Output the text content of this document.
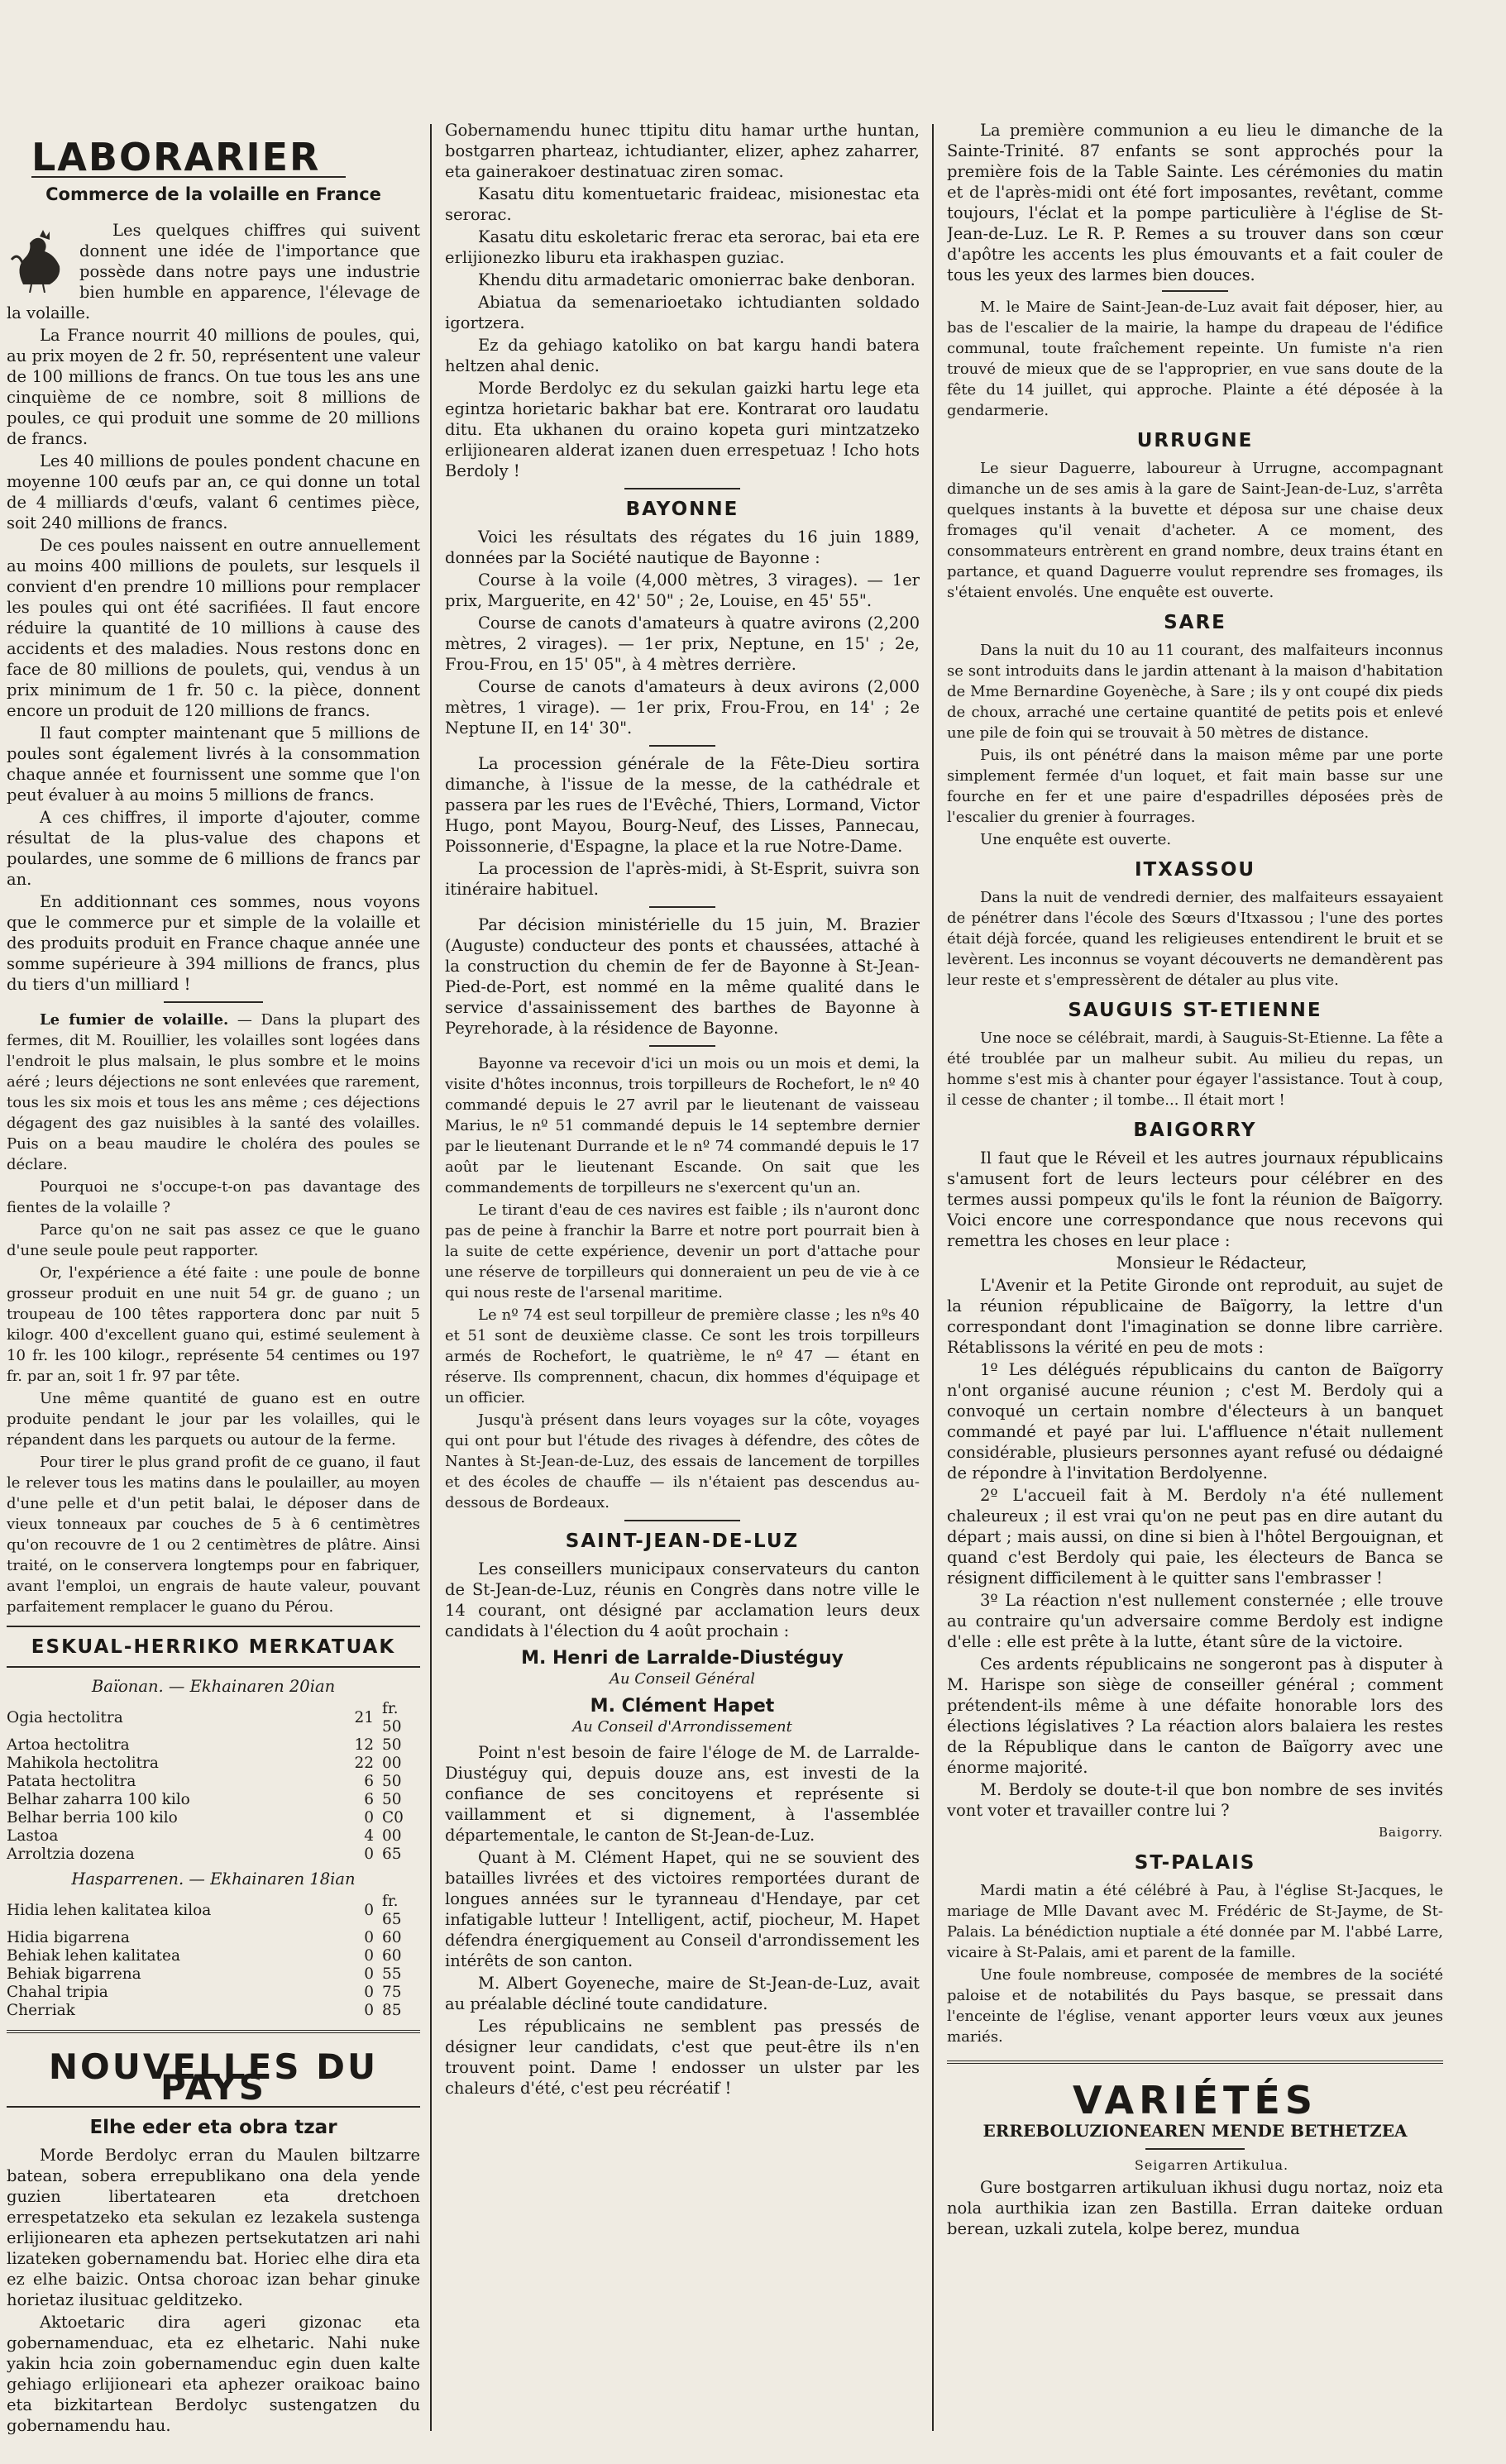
LABORARIER
Commerce de la volaille en France

Les quelques chiffres qui suivent donnent une idée de l'importance que possède dans notre pays une industrie bien humble en apparence, l'élevage de la volaille.

La France nourrit 40 millions de poules, qui, au prix moyen de 2 fr. 50, représentent une valeur de 100 millions de francs. On tue tous les ans une cinquième de ce nombre, soit 8 millions de poules, ce qui produit une somme de 20 millions de francs.

Les 40 millions de poules pondent chacune en moyenne 100 œufs par an, ce qui donne un total de 4 milliards d'œufs, valant 6 centimes pièce, soit 240 millions de francs.

De ces poules naissent en outre annuellement au moins 400 millions de poulets, sur lesquels il convient d'en prendre 10 millions pour remplacer les poules qui ont été sacrifiées. Il faut encore réduire la quantité de 10 millions à cause des accidents et des maladies. Nous restons donc en face de 80 millions de poulets, qui, vendus à un prix minimum de 1 fr. 50 c. la pièce, donnent encore un produit de 120 millions de francs.

Il faut compter maintenant que 5 millions de poules sont également livrés à la consommation chaque année et fournissent une somme que l'on peut évaluer à au moins 5 millions de francs.

A ces chiffres, il importe d'ajouter, comme résultat de la plus-value des chapons et poulardes, une somme de 6 millions de francs par an.

En additionnant ces sommes, nous voyons que le commerce pur et simple de la volaille et des produits produit en France chaque année une somme supérieure à 394 millions de francs, plus du tiers d'un milliard !

Le fumier de volaille. — Dans la plupart des fermes, dit M. Rouillier, les volailles sont logées dans l'endroit le plus malsain, le plus sombre et le moins aéré ; leurs déjections ne sont enlevées que rarement, tous les six mois et tous les ans même ; ces déjections dégagent des gaz nuisibles à la santé des volailles. Puis on a beau maudire le choléra des poules se déclare.

Pourquoi ne s'occupe-t-on pas davantage des fientes de la volaille ?

Parce qu'on ne sait pas assez ce que le guano d'une seule poule peut rapporter.

Or, l'expérience a été faite : une poule de bonne grosseur produit en une nuit 54 gr. de guano ; un troupeau de 100 têtes rapportera donc par nuit 5 kilogr. 400 d'excellent guano qui, estimé seulement à 10 fr. les 100 kilogr., représente 54 centimes ou 197 fr. par an, soit 1 fr. 97 par tête.

Une même quantité de guano est en outre produite pendant le jour par les volailles, qui le répandent dans les parquets ou autour de la ferme.

Pour tirer le plus grand profit de ce guano, il faut le relever tous les matins dans le poulailler, au moyen d'une pelle et d'un petit balai, le déposer dans de vieux tonneaux par couches de 5 à 6 centimètres qu'on recouvre de 1 ou 2 centimètres de plâtre. Ainsi traité, on le conservera longtemps pour en fabriquer, avant l'emploi, un engrais de haute valeur, pouvant parfaitement remplacer le guano du Pérou.

ESKUAL-HERRIKO MERKATUAK
Baïonan. — Ekhainaren 20ian
Ogia hectolitra	21	fr. 50
Artoa hectolitra	12	50
Mahikola hectolitra	22	00
Patata hectolitra	6	50
Belhar zaharra 100 kilo	6	50
Belhar berria 100 kilo	0	C0
Lastoa	4	00
Arroltzia dozena	0	65
Hasparrenen. — Ekhainaren 18ian
Hidia lehen kalitatea kiloa	0	fr. 65
Hidia bigarrena	0	60
Behiak lehen kalitatea	0	60
Behiak bigarrena	0	55
Chahal tripia	0	75
Cherriak	0	85
NOUVELLES DU PAYS
Elhe eder eta obra tzar

Morde Berdolyc erran du Maulen biltzarre batean, sobera errepublikano ona dela yende guzien libertatearen eta dretchoen errespetatzeko eta sekulan ez lezakela sustenga erlijionearen eta aphezen pertsekutatzen ari nahi lizateken gobernamendu bat. Horiec elhe dira eta ez elhe baizic. Ontsa choroac izan behar ginuke horietaz ilusituac gelditzeko.

Aktoetaric dira ageri gizonac eta gobernamenduac, eta ez elhetaric. Nahi nuke yakin hcia zoin gobernamenduc egin duen kalte gehiago erlijioneari eta aphezer oraikoac baino eta bizkitartean Berdolyc sustengatzen du gobernamendu hau.

Gobernamendu hunec ttipitu ditu hamar urthe huntan, bostgarren pharteaz, ichtudianter, elizer, aphez zaharrer, eta gainerakoer destinatuac ziren somac.

Kasatu ditu komentuetaric fraideac, misionestac eta serorac.

Kasatu ditu eskoletaric frerac eta serorac, bai eta ere erlijionezko liburu eta irakhaspen guziac.

Khendu ditu armadetaric omonierrac bake denboran.

Abiatua da semenarioetako ichtudianten soldado igortzera.

Ez da gehiago katoliko on bat kargu handi batera heltzen ahal denic.

Morde Berdolyc ez du sekulan gaizki hartu lege eta egintza horietaric bakhar bat ere. Kontrarat oro laudatu ditu. Eta ukhanen du oraino kopeta guri mintzatzeko erlijionearen alderat izanen duen errespetuaz ! Icho hots Berdoly !

BAYONNE

Voici les résultats des régates du 16 juin 1889, données par la Société nautique de Bayonne :

Course à la voile (4,000 mètres, 3 virages). — 1er prix, Marguerite, en 42' 50" ; 2e, Louise, en 45' 55".

Course de canots d'amateurs à quatre avirons (2,200 mètres, 2 virages). — 1er prix, Neptune, en 15' ; 2e, Frou-Frou, en 15' 05", à 4 mètres derrière.

Course de canots d'amateurs à deux avirons (2,000 mètres, 1 virage). — 1er prix, Frou-Frou, en 14' ; 2e Neptune II, en 14' 30".

La procession générale de la Fête-Dieu sortira dimanche, à l'issue de la messe, de la cathédrale et passera par les rues de l'Evêché, Thiers, Lormand, Victor Hugo, pont Mayou, Bourg-Neuf, des Lisses, Pannecau, Poissonnerie, d'Espagne, la place et la rue Notre-Dame.

La procession de l'après-midi, à St-Esprit, suivra son itinéraire habituel.

Par décision ministérielle du 15 juin, M. Brazier (Auguste) conducteur des ponts et chaussées, attaché à la construction du chemin de fer de Bayonne à St-Jean-Pied-de-Port, est nommé en la même qualité dans le service d'assainissement des barthes de Bayonne à Peyrehorade, à la résidence de Bayonne.

Bayonne va recevoir d'ici un mois ou un mois et demi, la visite d'hôtes inconnus, trois torpilleurs de Rochefort, le nº 40 commandé depuis le 27 avril par le lieutenant de vaisseau Marius, le nº 51 commandé depuis le 14 septembre dernier par le lieutenant Durrande et le nº 74 commandé depuis le 17 août par le lieutenant Escande. On sait que les commandements de torpilleurs ne s'exercent qu'un an.

Le tirant d'eau de ces navires est faible ; ils n'auront donc pas de peine à franchir la Barre et notre port pourrait bien à la suite de cette expérience, devenir un port d'attache pour une réserve de torpilleurs qui donneraient un peu de vie à ce qui nous reste de l'arsenal maritime.

Le nº 74 est seul torpilleur de première classe ; les nºs 40 et 51 sont de deuxième classe. Ce sont les trois torpilleurs armés de Rochefort, le quatrième, le nº 47 — étant en réserve. Ils comprennent, chacun, dix hommes d'équipage et un officier.

Jusqu'à présent dans leurs voyages sur la côte, voyages qui ont pour but l'étude des rivages à défendre, des côtes de Nantes à St-Jean-de-Luz, des essais de lancement de torpilles et des écoles de chauffe — ils n'étaient pas descendus au-dessous de Bordeaux.

SAINT-JEAN-DE-LUZ

Les conseillers municipaux conservateurs du canton de St-Jean-de-Luz, réunis en Congrès dans notre ville le 14 courant, ont désigné par acclamation leurs deux candidats à l'élection du 4 août prochain :

M. Henri de Larralde-Diustéguy
Au Conseil Général
M. Clément Hapet
Au Conseil d'Arrondissement

Point n'est besoin de faire l'éloge de M. de Larralde-Diustéguy qui, depuis douze ans, est investi de la confiance de ses concitoyens et représente si vaillamment et si dignement, à l'assemblée départementale, le canton de St-Jean-de-Luz.

Quant à M. Clément Hapet, qui ne se souvient des batailles livrées et des victoires remportées durant de longues années sur le tyranneau d'Hendaye, par cet infatigable lutteur ! Intelligent, actif, piocheur, M. Hapet défendra énergiquement au Conseil d'arrondissement les intérêts de son canton.

M. Albert Goyeneche, maire de St-Jean-de-Luz, avait au préalable décliné toute candidature.

Les républicains ne semblent pas pressés de désigner leur candidats, c'est que peut-être ils n'en trouvent point. Dame ! endosser un ulster par les chaleurs d'été, c'est peu récréatif !

La première communion a eu lieu le dimanche de la Sainte-Trinité. 87 enfants se sont approchés pour la première fois de la Table Sainte. Les cérémonies du matin et de l'après-midi ont été fort imposantes, revêtant, comme toujours, l'éclat et la pompe particulière à l'église de St-Jean-de-Luz. Le R. P. Remes a su trouver dans son cœur d'apôtre les accents les plus émouvants et a fait couler de tous les yeux des larmes bien douces.

M. le Maire de Saint-Jean-de-Luz avait fait déposer, hier, au bas de l'escalier de la mairie, la hampe du drapeau de l'édifice communal, toute fraîchement repeinte. Un fumiste n'a rien trouvé de mieux que de se l'approprier, en vue sans doute de la fête du 14 juillet, qui approche. Plainte a été déposée à la gendarmerie.

URRUGNE

Le sieur Daguerre, laboureur à Urrugne, accompagnant dimanche un de ses amis à la gare de Saint-Jean-de-Luz, s'arrêta quelques instants à la buvette et déposa sur une chaise deux fromages qu'il venait d'acheter. A ce moment, des consommateurs entrèrent en grand nombre, deux trains étant en partance, et quand Daguerre voulut reprendre ses fromages, ils s'étaient envolés. Une enquête est ouverte.

SARE

Dans la nuit du 10 au 11 courant, des malfaiteurs inconnus se sont introduits dans le jardin attenant à la maison d'habitation de Mme Bernardine Goyenèche, à Sare ; ils y ont coupé dix pieds de choux, arraché une certaine quantité de petits pois et enlevé une pile de foin qui se trouvait à 50 mètres de distance.

Puis, ils ont pénétré dans la maison même par une porte simplement fermée d'un loquet, et fait main basse sur une fourche en fer et une paire d'espadrilles déposées près de l'escalier du grenier à fourrages.

Une enquête est ouverte.

ITXASSOU

Dans la nuit de vendredi dernier, des malfaiteurs essayaient de pénétrer dans l'école des Sœurs d'Itxassou ; l'une des portes était déjà forcée, quand les religieuses entendirent le bruit et se levèrent. Les inconnus se voyant découverts ne demandèrent pas leur reste et s'empressèrent de détaler au plus vite.

SAUGUIS ST-ETIENNE

Une noce se célébrait, mardi, à Sauguis-St-Etienne. La fête a été troublée par un malheur subit. Au milieu du repas, un homme s'est mis à chanter pour égayer l'assistance. Tout à coup, il cesse de chanter ; il tombe... Il était mort !

BAIGORRY

Il faut que le Réveil et les autres journaux républicains s'amusent fort de leurs lecteurs pour célébrer en des termes aussi pompeux qu'ils le font la réunion de Baïgorry. Voici encore une correspondance que nous recevons qui remettra les choses en leur place :

Monsieur le Rédacteur,

L'Avenir et la Petite Gironde ont reproduit, au sujet de la réunion républicaine de Baïgorry, la lettre d'un correspondant dont l'imagination se donne libre carrière. Rétablissons la vérité en peu de mots :

1º Les délégués républicains du canton de Baïgorry n'ont organisé aucune réunion ; c'est M. Berdoly qui a convoqué un certain nombre d'électeurs à un banquet commandé et payé par lui. L'affluence n'était nullement considérable, plusieurs personnes ayant refusé ou dédaigné de répondre à l'invitation Berdolyenne.

2º L'accueil fait à M. Berdoly n'a été nullement chaleureux ; il est vrai qu'on ne peut pas en dire autant du départ ; mais aussi, on dine si bien à l'hôtel Bergouignan, et quand c'est Berdoly qui paie, les électeurs de Banca se résignent difficilement à le quitter sans l'embrasser !

3º La réaction n'est nullement consternée ; elle trouve au contraire qu'un adversaire comme Berdoly est indigne d'elle : elle est prête à la lutte, étant sûre de la victoire.

Ces ardents républicains ne songeront pas à disputer à M. Harispe son siège de conseiller général ; comment prétendent-ils même à une défaite honorable lors des élections législatives ? La réaction alors balaiera les restes de la République dans le canton de Baïgorry avec une énorme majorité.

M. Berdoly se doute-t-il que bon nombre de ses invités vont voter et travailler contre lui ?

Baigorry.
ST-PALAIS

Mardi matin a été célébré à Pau, à l'église St-Jacques, le mariage de Mlle Davant avec M. Frédéric de St-Jayme, de St-Palais. La bénédiction nuptiale a été donnée par M. l'abbé Larre, vicaire à St-Palais, ami et parent de la famille.

Une foule nombreuse, composée de membres de la société paloise et de notabilités du Pays basque, se pressait dans l'enceinte de l'église, venant apporter leurs vœux aux jeunes mariés.

VARIÉTÉS
ERREBOLUZIONEAREN MENDE BETHETZEA

Seigarren Artikulua.

Gure bostgarren artikuluan ikhusi dugu nortaz, noiz eta nola aurthikia izan zen Bastilla. Erran daiteke orduan berean, uzkali zutela, kolpe berez, mundua
